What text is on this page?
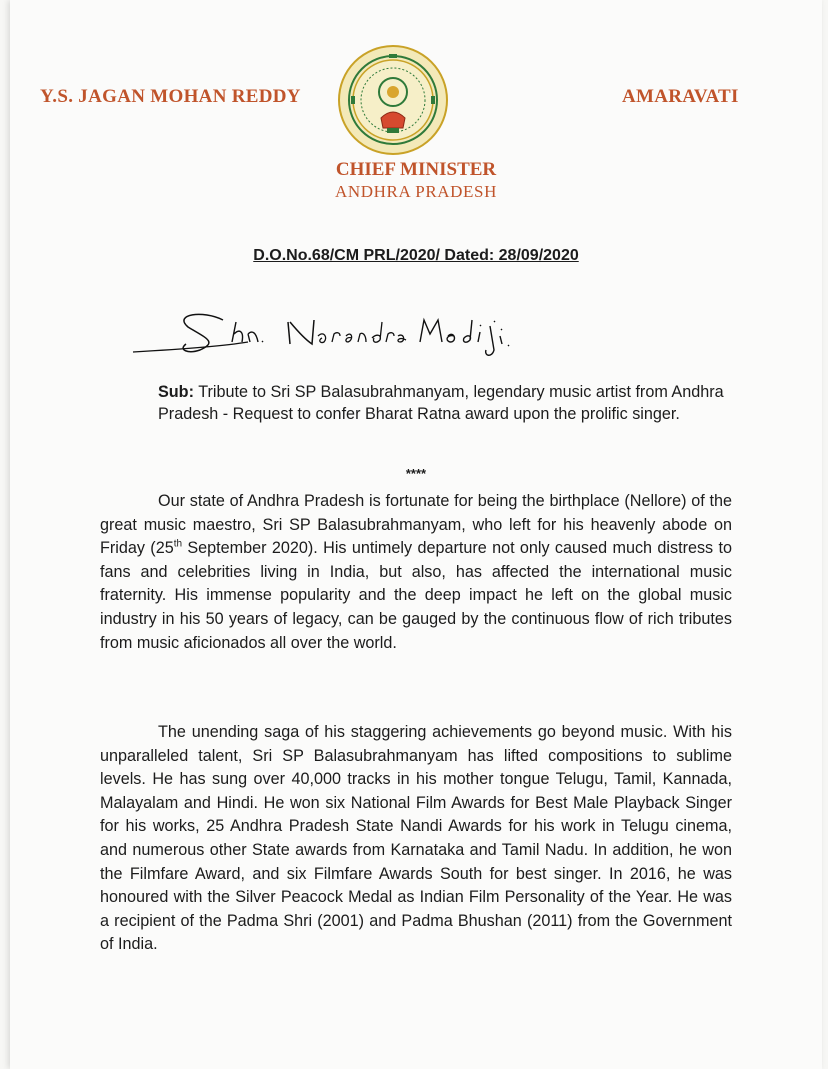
Y.S. JAGAN MOHAN REDDY	AMARAVATI
CHIEF MINISTER
ANDHRA PRADESH
D.O.No.68/CM PRL/2020/ Dated: 28/09/2020
Sub: Tribute to Sri SP Balasubrahmanyam, legendary music artist from Andhra Pradesh - Request to confer Bharat Ratna award upon the prolific singer.
****

Our state of Andhra Pradesh is fortunate for being the birthplace (Nellore) of the great music maestro, Sri SP Balasubrahmanyam, who left for his heavenly abode on Friday (25th September 2020). His untimely departure not only caused much distress to fans and celebrities living in India, but also, has affected the international music fraternity. His immense popularity and the deep impact he left on the global music industry in his 50 years of legacy, can be gauged by the continuous flow of rich tributes from music aficionados all over the world.

The unending saga of his staggering achievements go beyond music. With his unparalleled talent, Sri SP Balasubrahmanyam has lifted compositions to sublime levels. He has sung over 40,000 tracks in his mother tongue Telugu, Tamil, Kannada, Malayalam and Hindi. He won six National Film Awards for Best Male Playback Singer for his works, 25 Andhra Pradesh State Nandi Awards for his work in Telugu cinema, and numerous other State awards from Karnataka and Tamil Nadu. In addition, he won the Filmfare Award, and six Filmfare Awards South for best singer. In 2016, he was honoured with the Silver Peacock Medal as Indian Film Personality of the Year. He was a recipient of the Padma Shri (2001) and Padma Bhushan (2011) from the Government of India.
